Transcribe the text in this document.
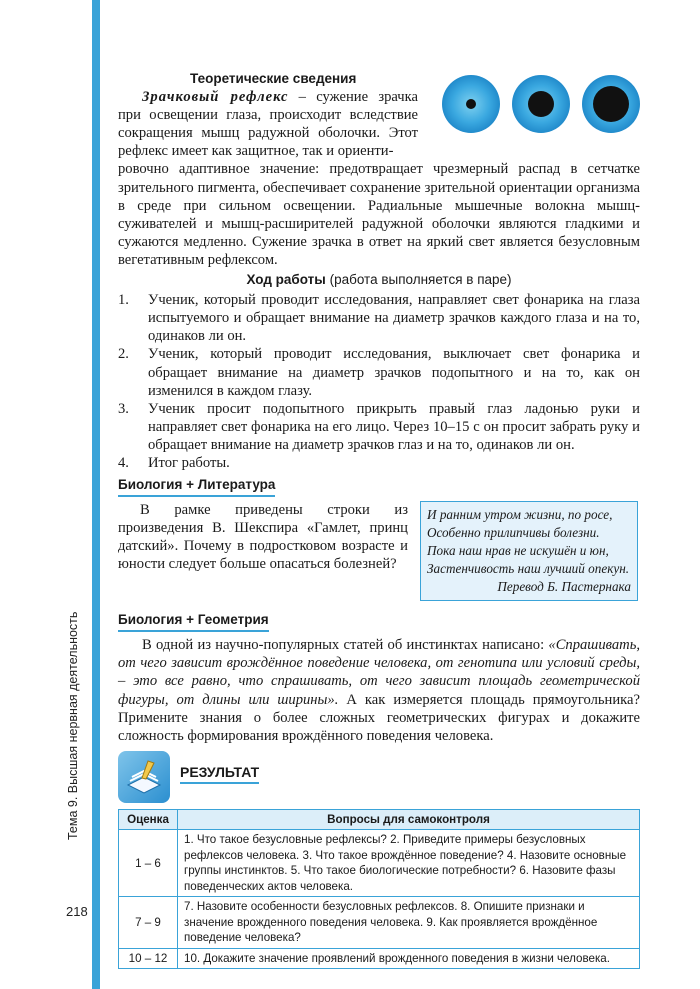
Тема 9. Высшая нервная деятельность
218
Теоретические сведения
Зрачковый рефлекс – сужение зрачка при освещении глаза, происходит вследствие сокращения мышц радужной оболочки. Этот рефлекс имеет как защитное, так и ориенти-
ровочно адаптивное значение: предотвращает чрезмерный распад в сетчатке зрительного пигмента, обеспечивает сохранение зрительной ориентации организма в среде при сильном освещении. Радиальные мышечные волокна мышц-суживателей и мышц-расширителей радужной оболочки являются гладкими и сужаются медленно. Сужение зрачка в ответ на яркий свет является безусловным вегетативным рефлексом.
Ход работы (работа выполняется в паре)
1. Ученик, который проводит исследования, направляет свет фонарика на глаза испытуемого и обращает внимание на диаметр зрачков каждого глаза и на то, одинаков ли он.
2. Ученик, который проводит исследования, выключает свет фонарика и обращает внимание на диаметр зрачков подопытного и на то, как он изменился в каждом глазу.
3. Ученик просит подопытного прикрыть правый глаз ладонью руки и направляет свет фонарика на его лицо. Через 10–15 с он просит забрать руку и обращает внимание на диаметр зрачков глаз и на то, одинаков ли он.
4. Итог работы.
Биология + Литература
В рамке приведены строки из произведения В. Шекспира «Гамлет, принц датский». Почему в подростковом возрасте и юности следует больше опасаться болезней?
И ранним утром жизни, по росе,
Особенно прилипчивы болезни.
Пока наш нрав не искушён и юн,
Застенчивость наш лучший опекун.
Перевод Б. Пастернака
Биология + Геометрия
В одной из научно-популярных статей об инстинктах написано: «Спрашивать, от чего зависит врождённое поведение человека, от генотипа или условий среды, – это все равно, что спрашивать, от чего зависит площадь геометрической фигуры, от длины или ширины». А как измеряется площадь прямоугольника? Примените знания о более сложных геометрических фигурах и докажите сложность формирования врождённого поведения человека.
РЕЗУЛЬТАТ
Оценка	Вопросы для самоконтроля
1 – 6	1. Что такое безусловные рефлексы? 2. Приведите примеры безусловных рефлексов человека. 3. Что такое врождённое поведение? 4. Назовите основные группы инстинктов. 5. Что такое биологические потребности? 6. Назовите фазы поведенческих актов человека.
7 – 9	7. Назовите особенности безусловных рефлексов. 8. Опишите признаки и значение врожденного поведения человека. 9. Как проявляется врождённое поведение человека?
10 – 12	10. Докажите значение проявлений врожденного поведения в жизни человека.
